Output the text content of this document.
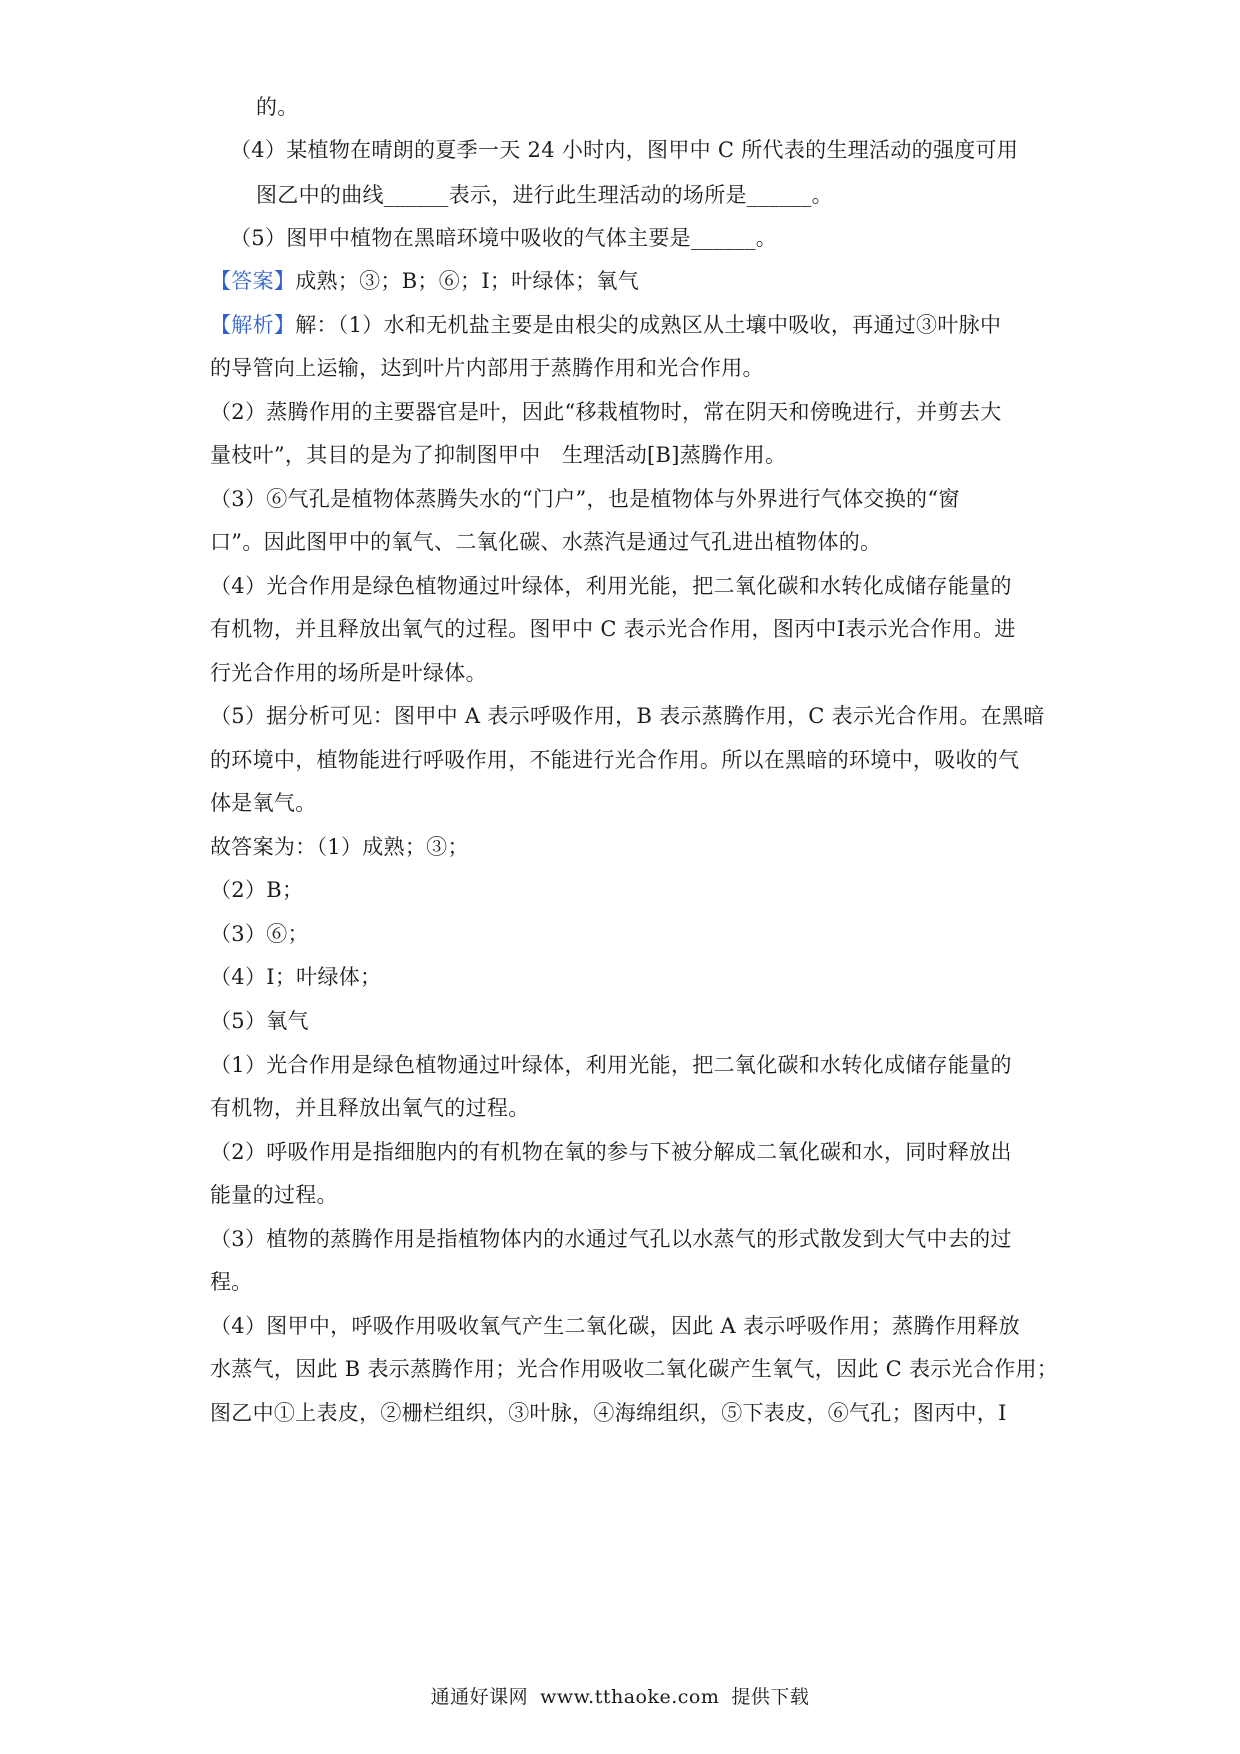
的。
（4）某植物在晴朗的夏季一天 24 小时内，图甲中 C 所代表的生理活动的强度可用
图乙中的曲线______表示，进行此生理活动的场所是______。
（5）图甲中植物在黑暗环境中吸收的气体主要是______。
【答案】成熟；③；B；⑥；Ⅰ；叶绿体；氧气
【解析】解：（1）水和无机盐主要是由根尖的成熟区从土壤中吸收，再通过③叶脉中
的导管向上运输，达到叶片内部用于蒸腾作用和光合作用。
（2）蒸腾作用的主要器官是叶，因此“移栽植物时，常在阴天和傍晚进行，并剪去大
量枝叶”，其目的是为了抑制图甲中　生理活动[B]蒸腾作用。
（3）⑥气孔是植物体蒸腾失水的“门户”，也是植物体与外界进行气体交换的“窗
口”。因此图甲中的氧气、二氧化碳、水蒸汽是通过气孔进出植物体的。
（4）光合作用是绿色植物通过叶绿体，利用光能，把二氧化碳和水转化成储存能量的
有机物，并且释放出氧气的过程。图甲中 C 表示光合作用，图丙中Ⅰ表示光合作用。进
行光合作用的场所是叶绿体。
（5）据分析可见：图甲中 A 表示呼吸作用，B 表示蒸腾作用，C 表示光合作用。在黑暗
的环境中，植物能进行呼吸作用，不能进行光合作用。所以在黑暗的环境中，吸收的气
体是氧气。
故答案为：（1）成熟；③；
（2）B；
（3）⑥；
（4）Ⅰ；叶绿体；
（5）氧气
（1）光合作用是绿色植物通过叶绿体，利用光能，把二氧化碳和水转化成储存能量的
有机物，并且释放出氧气的过程。
（2）呼吸作用是指细胞内的有机物在氧的参与下被分解成二氧化碳和水，同时释放出
能量的过程。
（3）植物的蒸腾作用是指植物体内的水通过气孔以水蒸气的形式散发到大气中去的过
程。
（4）图甲中，呼吸作用吸收氧气产生二氧化碳，因此 A 表示呼吸作用；蒸腾作用释放
水蒸气，因此 B 表示蒸腾作用；光合作用吸收二氧化碳产生氧气，因此 C 表示光合作用；
图乙中①上表皮，②栅栏组织，③叶脉，④海绵组织，⑤下表皮，⑥气孔；图丙中，Ⅰ
通通好课网 www.tthaoke.com 提供下载
